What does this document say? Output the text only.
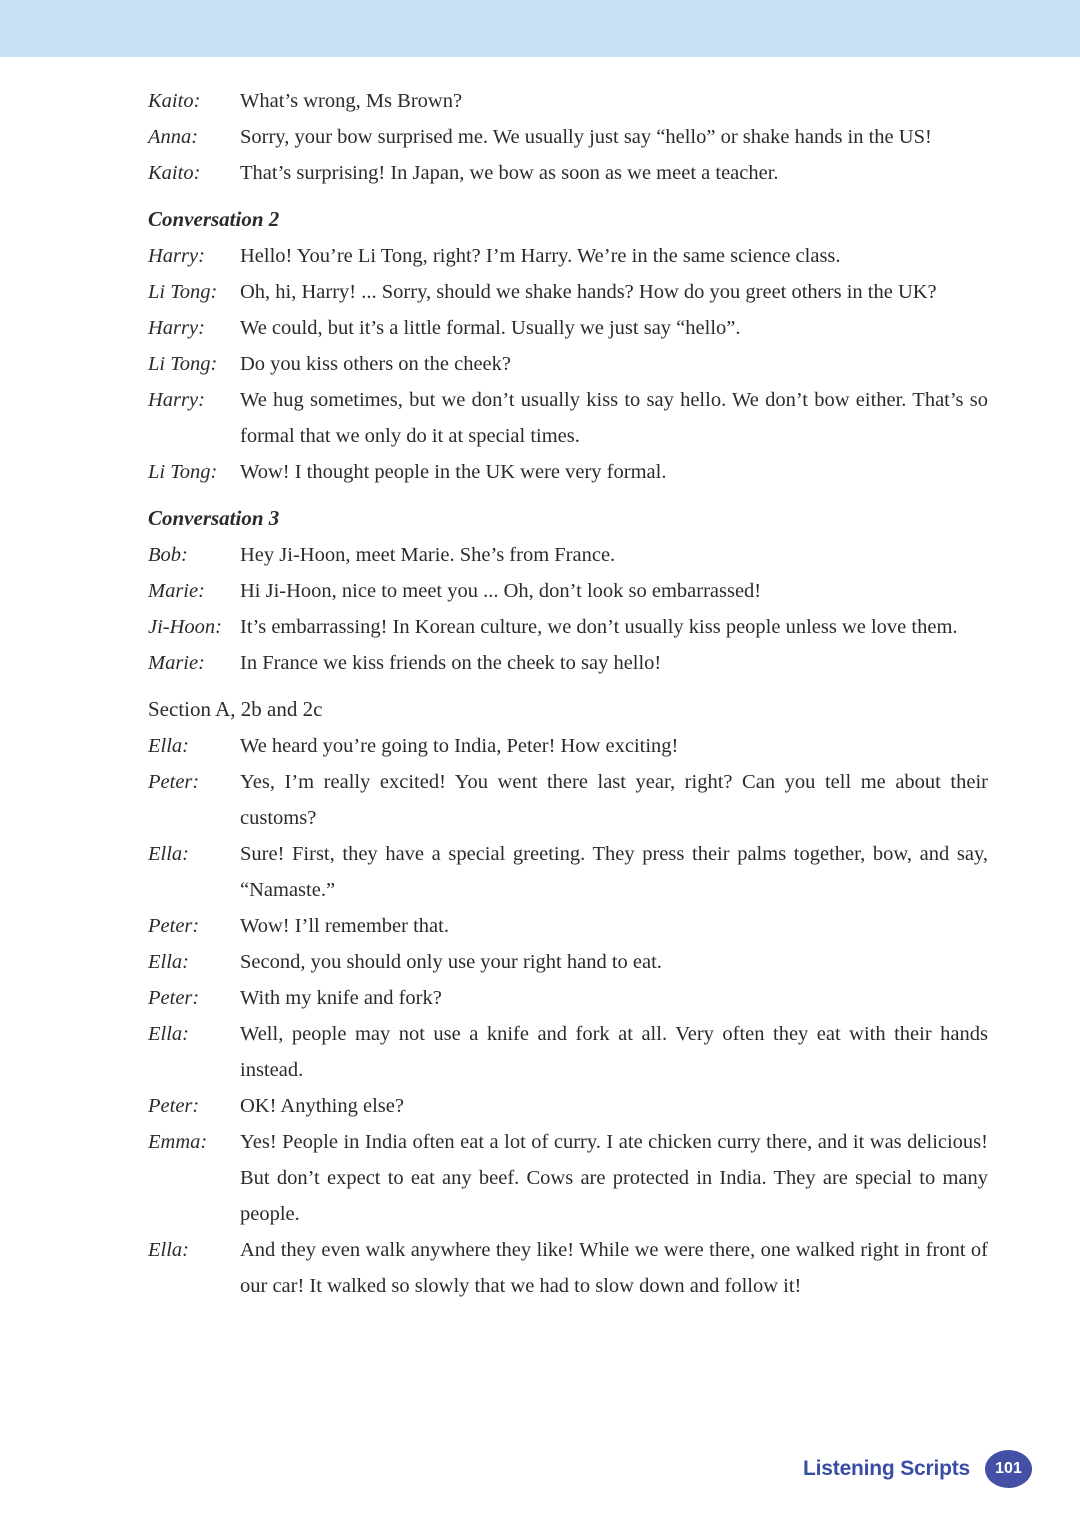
Kaito:	What’s wrong, Ms Brown?
Anna:	Sorry, your bow surprised me. We usually just say “hello” or shake hands in the US!
Kaito:	That’s surprising! In Japan, we bow as soon as we meet a teacher.
Conversation 2
Harry:	Hello! You’re Li Tong, right? I’m Harry. We’re in the same science class.
Li Tong:	Oh, hi, Harry! ... Sorry, should we shake hands? How do you greet others in the UK?
Harry:	We could, but it’s a little formal. Usually we just say “hello”.
Li Tong:	Do you kiss others on the cheek?
Harry:	We hug sometimes, but we don’t usually kiss to say hello. We don’t bow either. That’s so formal that we only do it at special times.
Li Tong:	Wow! I thought people in the UK were very formal.
Conversation 3
Bob:	Hey Ji-Hoon, meet Marie. She’s from France.
Marie:	Hi Ji-Hoon, nice to meet you ... Oh, don’t look so embarrassed!
Ji-Hoon: It’s embarrassing! In Korean culture, we don’t usually kiss people unless we love them.
Marie:	In France we kiss friends on the cheek to say hello!
Section A, 2b and 2c
Ella:	We heard you’re going to India, Peter! How exciting!
Peter:	Yes, I’m really excited! You went there last year, right? Can you tell me about their customs?
Ella:	Sure! First, they have a special greeting. They press their palms together, bow, and say, “Namaste.”
Peter:	Wow! I’ll remember that.
Ella:	Second, you should only use your right hand to eat.
Peter:	With my knife and fork?
Ella:	Well, people may not use a knife and fork at all. Very often they eat with their hands instead.
Peter:	OK! Anything else?
Emma:	Yes! People in India often eat a lot of curry. I ate chicken curry there, and it was delicious! But don’t expect to eat any beef. Cows are protected in India. They are special to many people.
Ella:	And they even walk anywhere they like! While we were there, one walked right in front of our car! It walked so slowly that we had to slow down and follow it!
Listening Scripts	101
